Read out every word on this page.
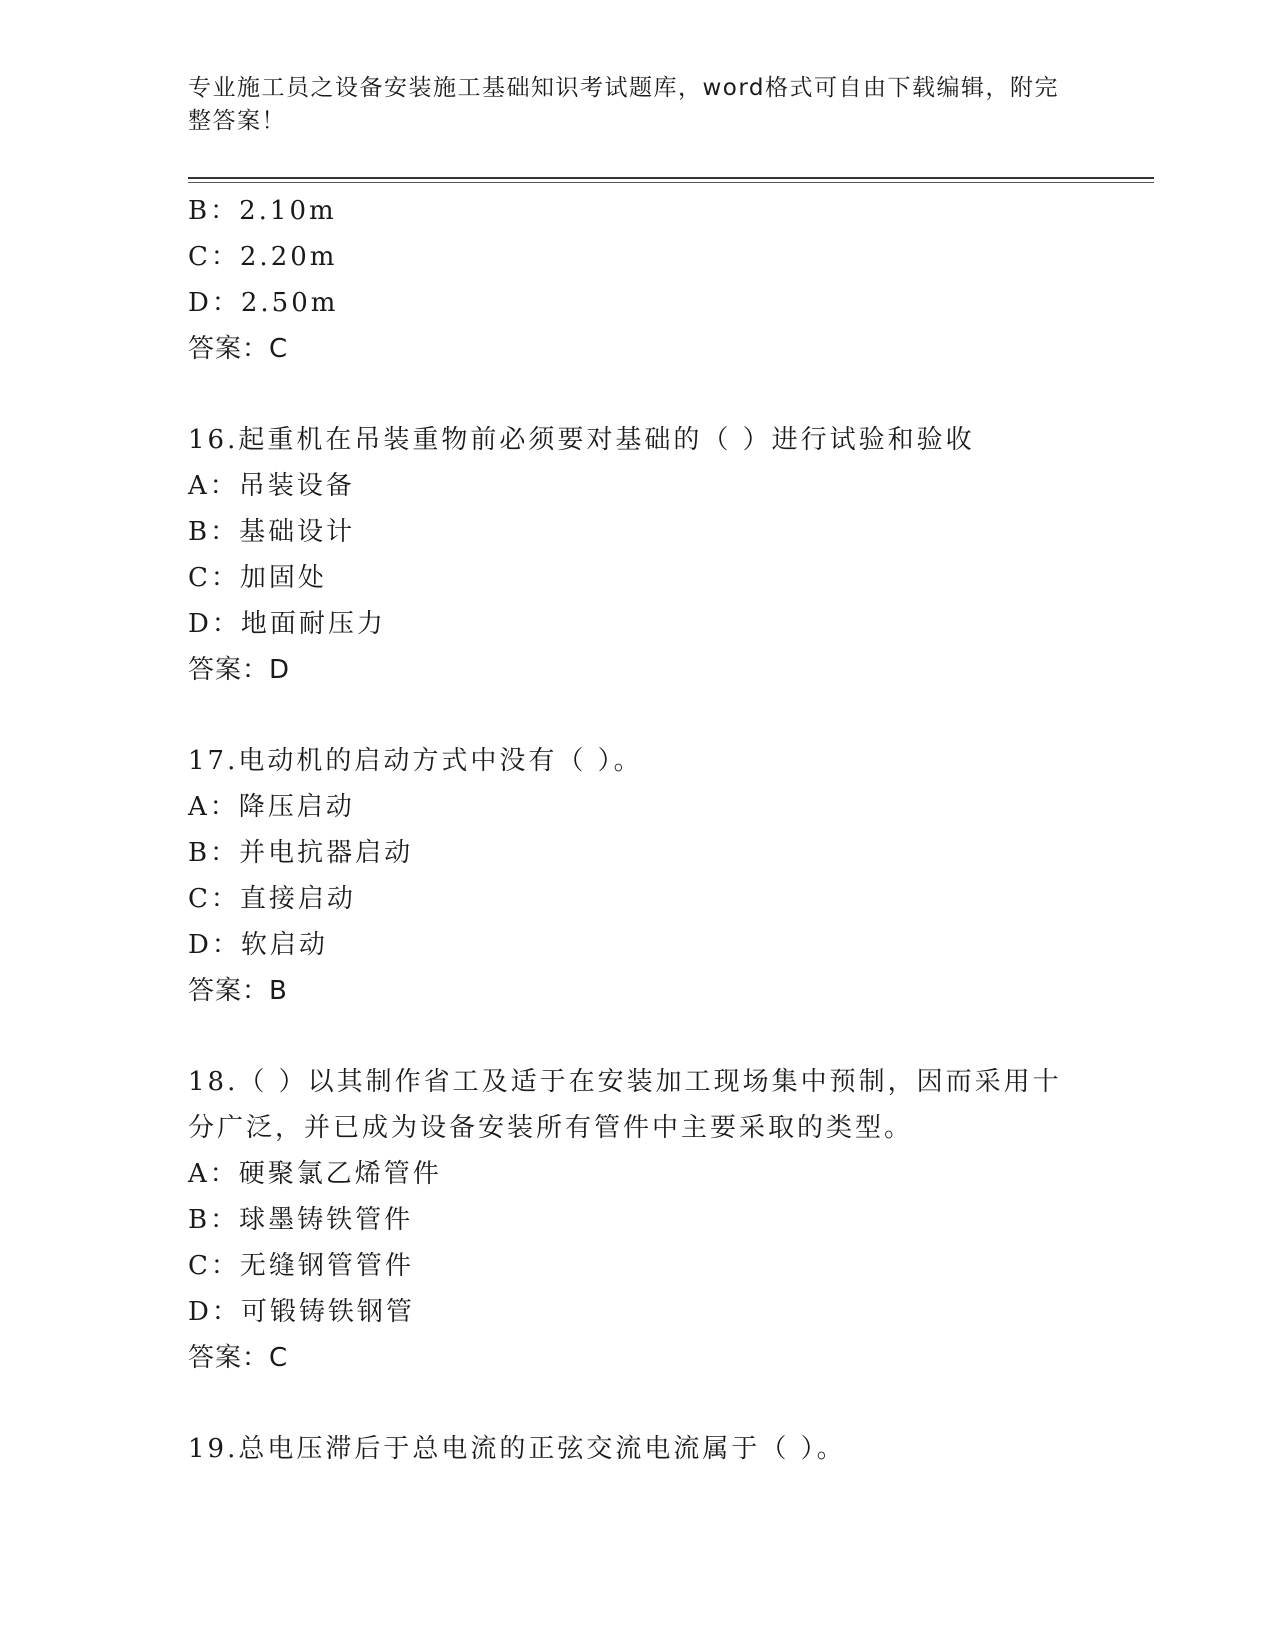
专业施工员之设备安装施工基础知识考试题库，word格式可自由下载编辑，附完整答案！
B：2.10m
C：2.20m
D：2.50m
答案：C
16.起重机在吊装重物前必须要对基础的（ ）进行试验和验收
A：吊装设备
B：基础设计
C：加固处
D：地面耐压力
答案：D
17.电动机的启动方式中没有（ ）。
A：降压启动
B：并电抗器启动
C：直接启动
D：软启动
答案：B
18.（ ）以其制作省工及适于在安装加工现场集中预制，因而采用十
分广泛，并已成为设备安装所有管件中主要采取的类型。
A：硬聚氯乙烯管件
B：球墨铸铁管件
C：无缝钢管管件
D：可锻铸铁钢管
答案：C
19.总电压滞后于总电流的正弦交流电流属于（ ）。
